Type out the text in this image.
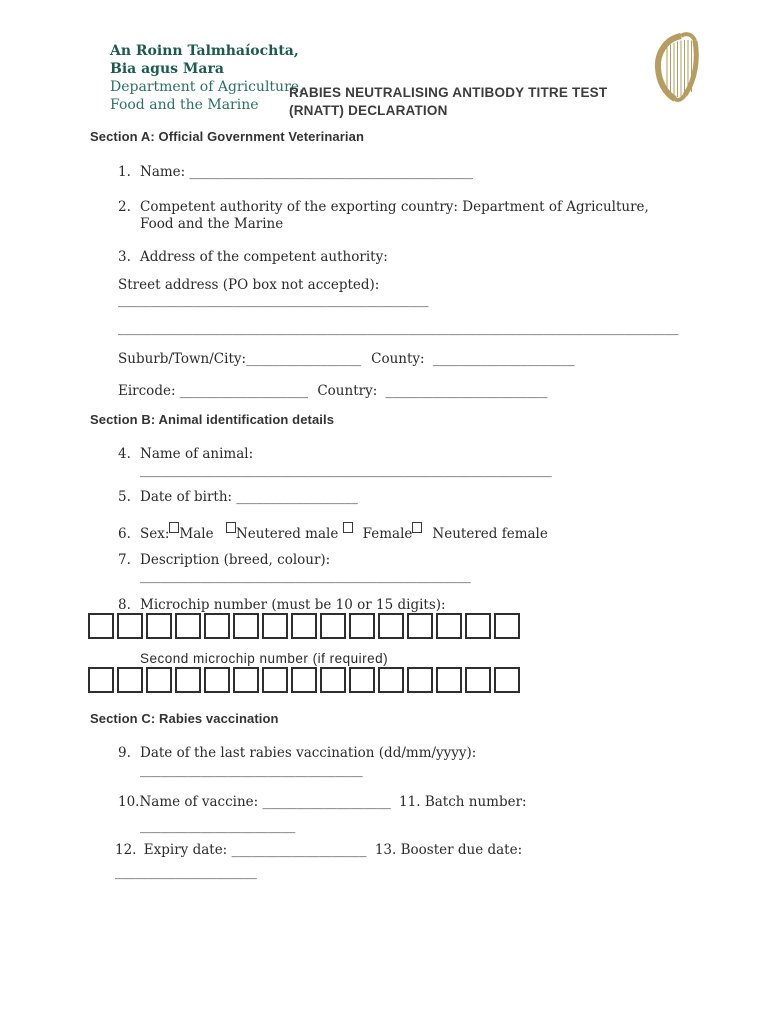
An Roinn Talmhaíochta,
Bia agus Mara
Department of Agriculture,
Food and the Marine
RABIES NEUTRALISING ANTIBODY TITRE TEST
(RNATT) DECLARATION
Section A: Official Government Veterinarian
1. Name: __________________________________________
2. Competent authority of the exporting country: Department of Agriculture,
Food and the Marine
3. Address of the competent authority:
Street address (PO box not accepted):
______________________________________________
___________________________________________________________________________________
Suburb/Town/City:_________________ County: _____________________
Eircode: ___________________ Country: ________________________
Section B: Animal identification details
4. Name of animal:
_____________________________________________________________
5. Date of birth: __________________
6. Sex: Male Neutered male Female Neutered female
7. Description (breed, colour):
_________________________________________________
8. Microchip number (must be 10 or 15 digits):
Second microchip number (if required)
Section C: Rabies vaccination
9. Date of the last rabies vaccination (dd/mm/yyyy):
_________________________________
10.Name of vaccine: ___________________ 11. Batch number:
_______________________
12. Expiry date: ____________________ 13. Booster due date:
_____________________
